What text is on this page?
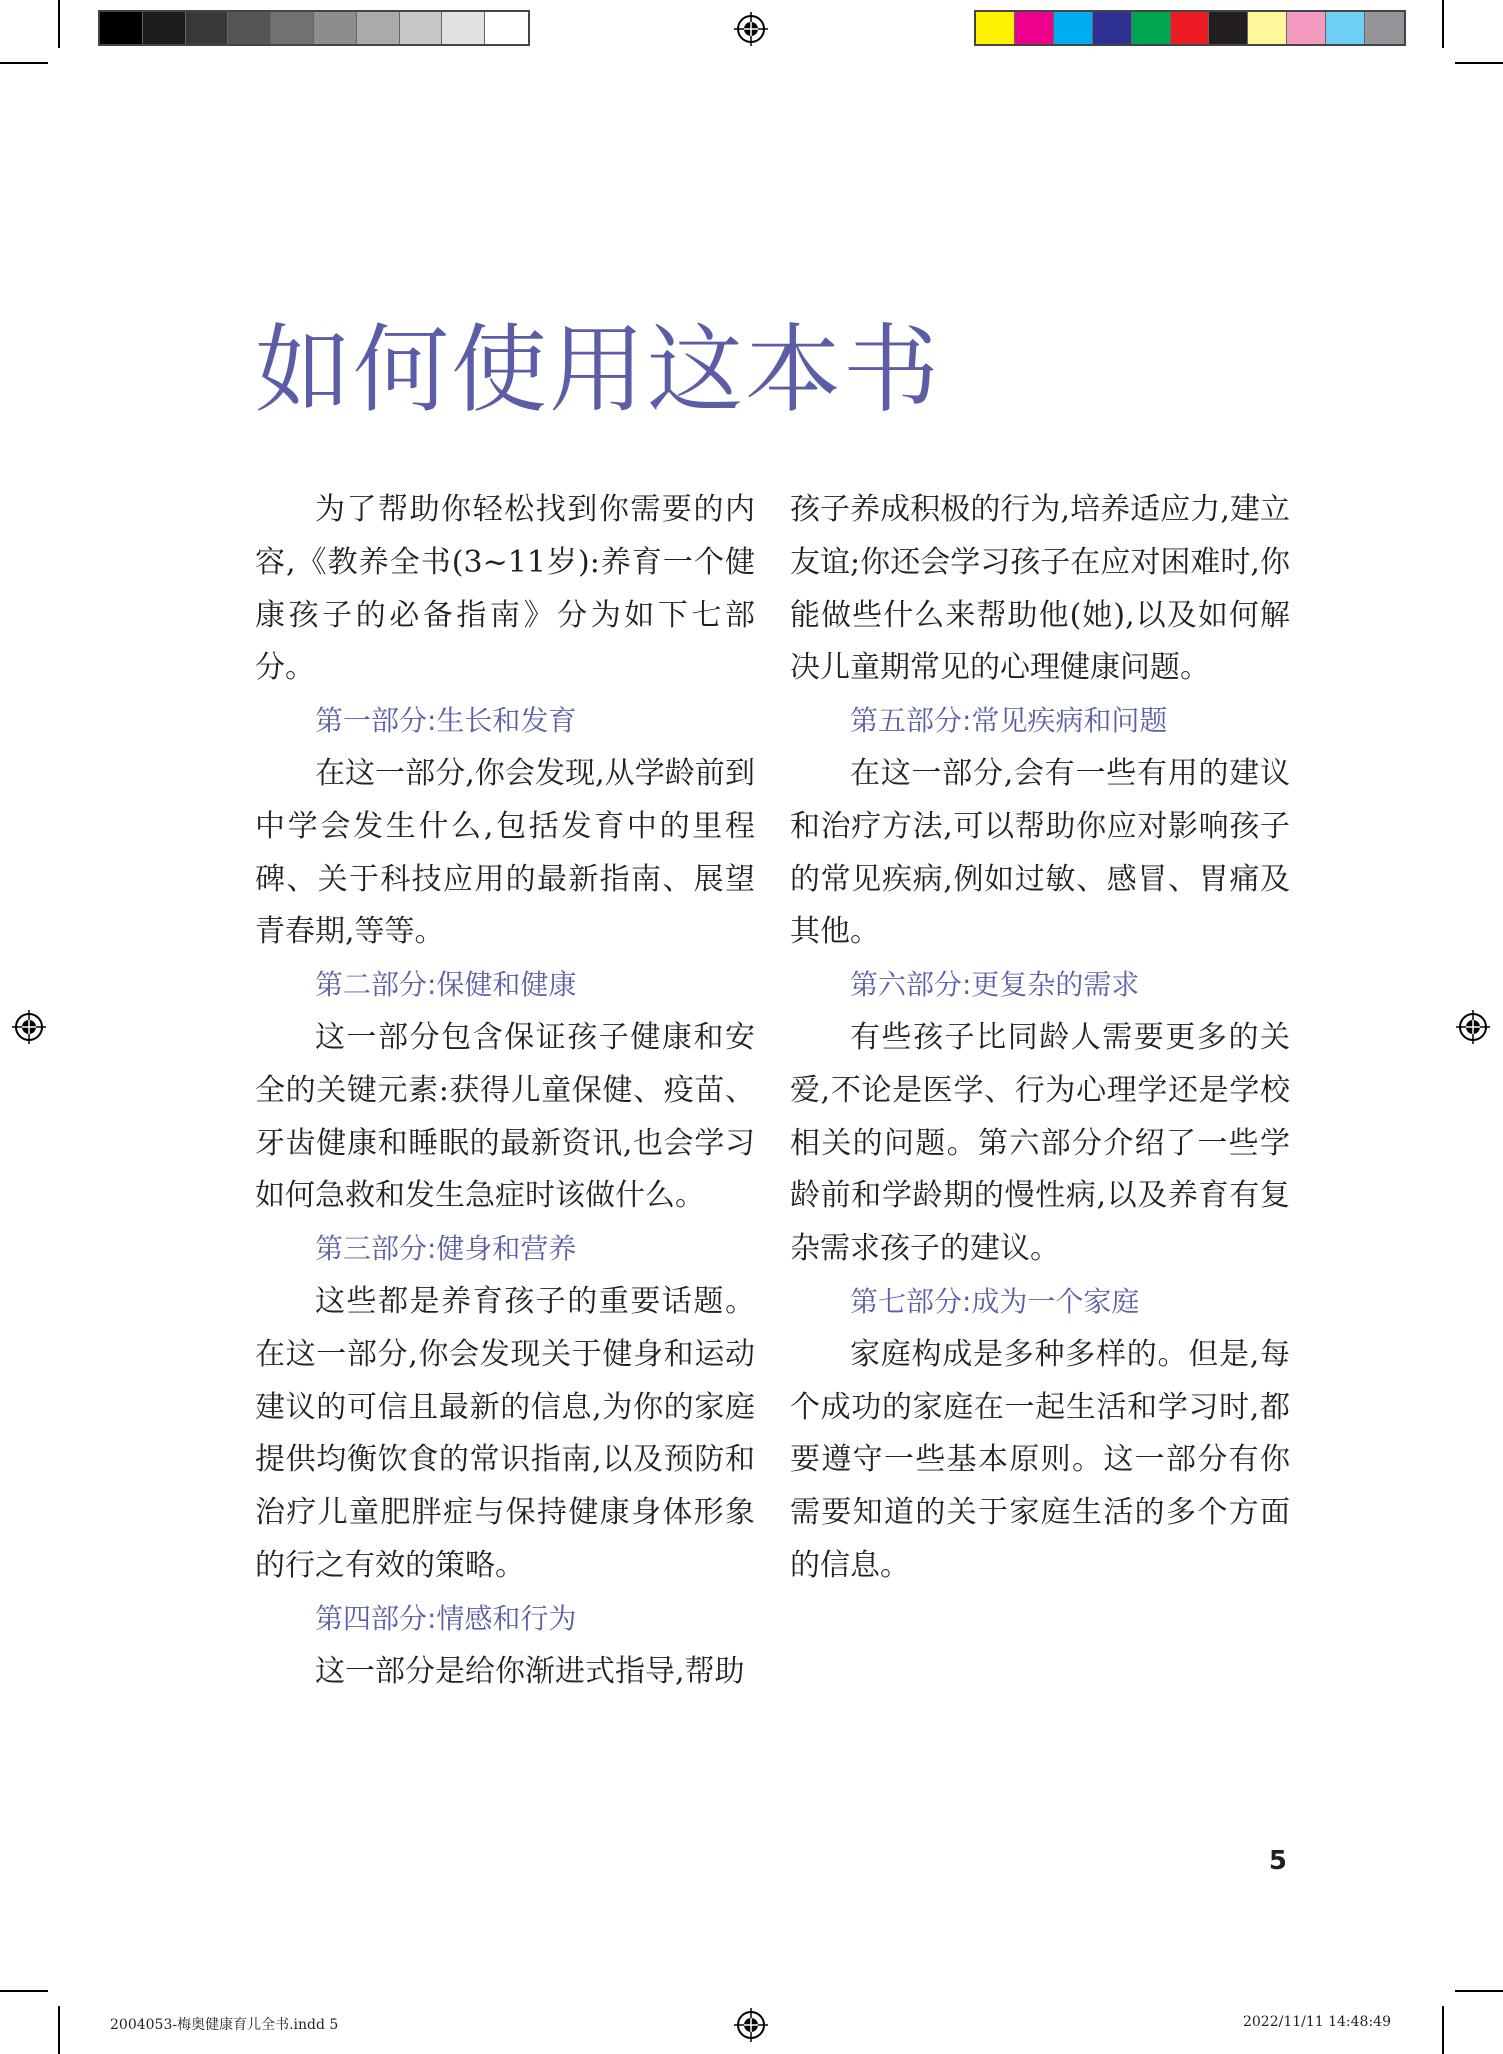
如何使用这本书

为了帮助你轻松找到你需要的内容,《教养全书(3~11岁):养育一个健康孩子的必备指南》分为如下七部分。

第一部分:生长和发育

在这一部分,你会发现,从学龄前到中学会发生什么,包括发育中的里程碑、关于科技应用的最新指南、展望青春期,等等。

第二部分:保健和健康

这一部分包含保证孩子健康和安全的关键元素:获得儿童保健、疫苗、牙齿健康和睡眠的最新资讯,也会学习如何急救和发生急症时该做什么。

第三部分:健身和营养

这些都是养育孩子的重要话题。在这一部分,你会发现关于健身和运动建议的可信且最新的信息,为你的家庭提供均衡饮食的常识指南,以及预防和治疗儿童肥胖症与保持健康身体形象的行之有效的策略。

第四部分:情感和行为

这一部分是给你渐进式指导,帮助

孩子养成积极的行为,培养适应力,建立友谊;你还会学习孩子在应对困难时,你能做些什么来帮助他(她),以及如何解决儿童期常见的心理健康问题。

第五部分:常见疾病和问题

在这一部分,会有一些有用的建议和治疗方法,可以帮助你应对影响孩子的常见疾病,例如过敏、感冒、胃痛及其他。

第六部分:更复杂的需求

有些孩子比同龄人需要更多的关爱,不论是医学、行为心理学还是学校相关的问题。第六部分介绍了一些学龄前和学龄期的慢性病,以及养育有复杂需求孩子的建议。

第七部分:成为一个家庭

家庭构成是多种多样的。但是,每个成功的家庭在一起生活和学习时,都要遵守一些基本原则。这一部分有你需要知道的关于家庭生活的多个方面的信息。

5
2004053-梅奥健康育儿全书.indd 5	2022/11/11 14:48:49
